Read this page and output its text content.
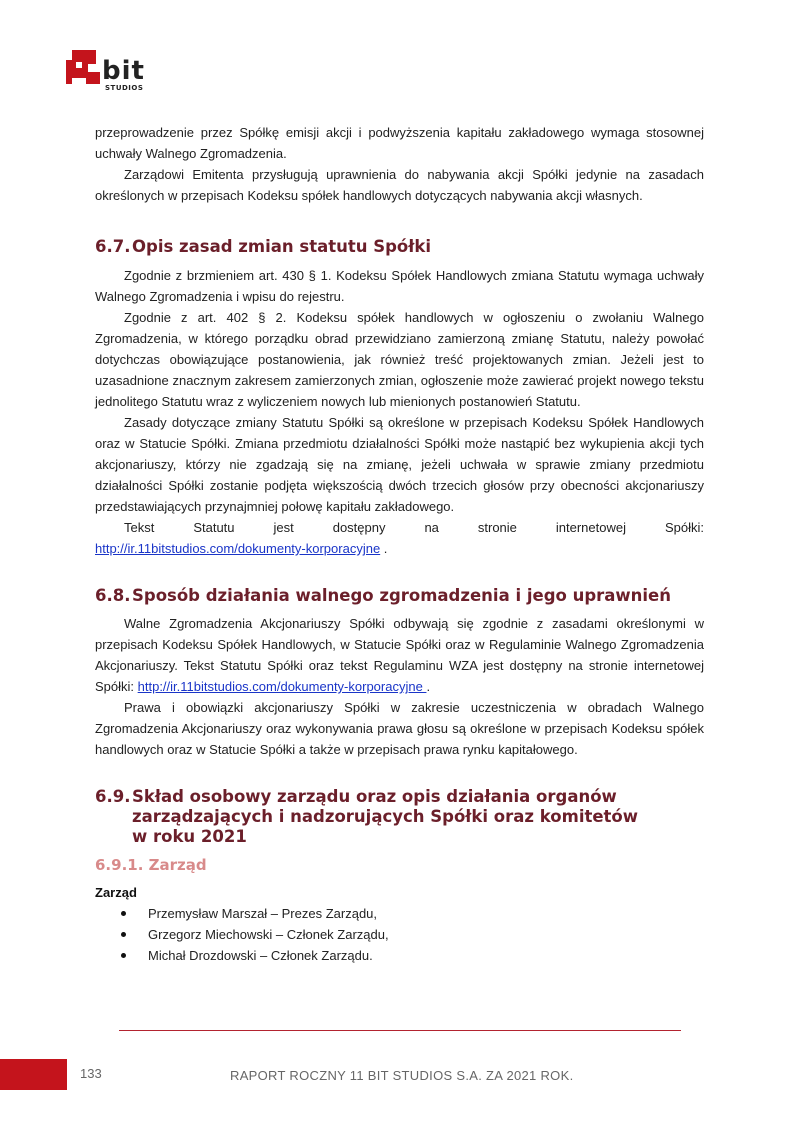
bit
STUDIOS

przeprowadzenie przez Spółkę emisji akcji i podwyższenia kapitału zakładowego wymaga stosownej uchwały Walnego Zgromadzenia.

Zarządowi Emitenta przysługują uprawnienia do nabywania akcji Spółki jedynie na zasadach określonych w przepisach Kodeksu spółek handlowych dotyczących nabywania akcji własnych.

6.7. Opis zasad zmian statutu Spółki

Zgodnie z brzmieniem art. 430 § 1. Kodeksu Spółek Handlowych zmiana Statutu wymaga uchwały Walnego Zgromadzenia i wpisu do rejestru.

Zgodnie z art. 402 § 2. Kodeksu spółek handlowych w ogłoszeniu o zwołaniu Walnego Zgromadzenia, w którego porządku obrad przewidziano zamierzoną zmianę Statutu, należy powołać dotychczas obowiązujące postanowienia, jak również treść projektowanych zmian. Jeżeli jest to uzasadnione znacznym zakresem zamierzonych zmian, ogłoszenie może zawierać projekt nowego tekstu jednolitego Statutu wraz z wyliczeniem nowych lub mienionych postanowień Statutu.

Zasady dotyczące zmiany Statutu Spółki są określone w przepisach Kodeksu Spółek Handlowych oraz w Statucie Spółki. Zmiana przedmiotu działalności Spółki może nastąpić bez wykupienia akcji tych akcjonariuszy, którzy nie zgadzają się na zmianę, jeżeli uchwała w sprawie zmiany przedmiotu działalności Spółki zostanie podjęta większością dwóch trzecich głosów przy obecności akcjonariuszy przedstawiających przynajmniej połowę kapitału zakładowego.

Tekst Statutu jest dostępny na stronie internetowej Spółki:

http://ir.11bitstudios.com/dokumenty-korporacyjne .

6.8. Sposób działania walnego zgromadzenia i jego uprawnień

Walne Zgromadzenia Akcjonariuszy Spółki odbywają się zgodnie z zasadami określonymi w przepisach Kodeksu Spółek Handlowych, w Statucie Spółki oraz w Regulaminie Walnego Zgromadzenia Akcjonariuszy. Tekst Statutu Spółki oraz tekst Regulaminu WZA jest dostępny na stronie internetowej Spółki: http://ir.11bitstudios.com/dokumenty-korporacyjne .

Prawa i obowiązki akcjonariuszy Spółki w zakresie uczestniczenia w obradach Walnego Zgromadzenia Akcjonariuszy oraz wykonywania prawa głosu są określone w przepisach Kodeksu spółek handlowych oraz w Statucie Spółki a także w przepisach prawa rynku kapitałowego.

6.9. Skład osobowy zarządu oraz opis działania organów
zarządzających i nadzorujących Spółki oraz komitetów
w roku 2021
6.9.1. Zarząd
Zarząd
Przemysław Marszał – Prezes Zarządu,
Grzegorz Miechowski – Członek Zarządu,
Michał Drozdowski – Członek Zarządu.
133	RAPORT ROCZNY 11 BIT STUDIOS S.A. ZA 2021 ROK.
